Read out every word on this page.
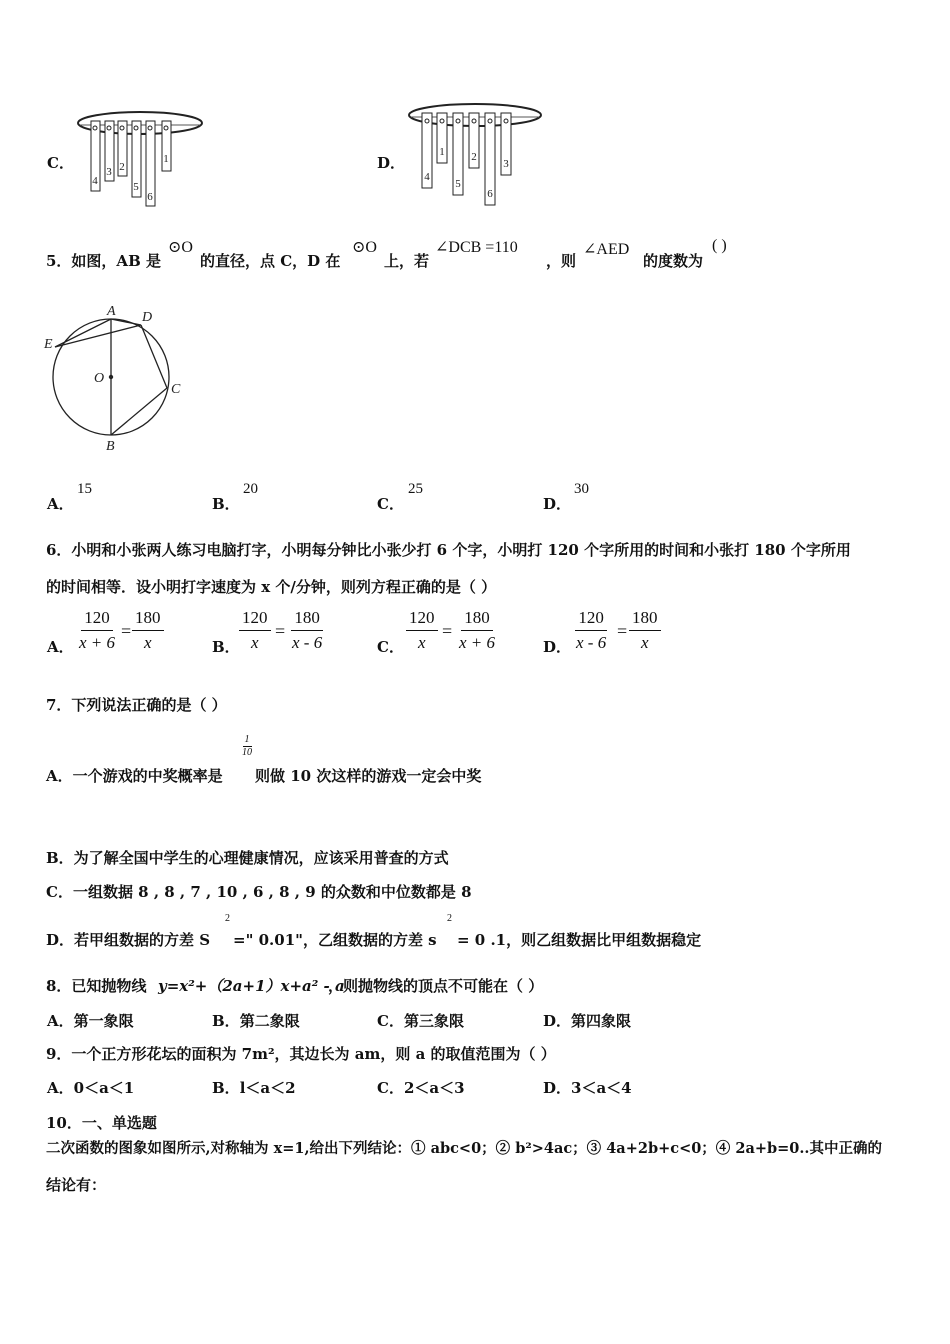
C．
4
3 2
5
6
1	D．
4
1
5
2
6
3
5．如图，AB 是
⊙O
的直径，点 C，D 在
⊙O
上，若
∠DCB =110
，则
∠AED
的度数为
( )
A D
E
O
C
B
A．
15
B．
20
C．
25
D．
30
6．小明和小张两人练习电脑打字，小明每分钟比小张少打 6 个字，小明打 120 个字所用的时间和小张打 180 个字所用
的时间相等．设小明打字速度为 x 个/分钟，则列方程正确的是（ ）
A． $\frac{120}{x + 6} = \frac{180}{x}$	B． $\frac{120}{x} = \frac{180}{x - 6}$	C． $\frac{120}{x} = \frac{180}{x + 6}$	D． $\frac{120}{x - 6} = \frac{180}{x}$
7．下列说法正确的是（ ）
1
10
A．一个游戏的中奖概率是 则做 10 次这样的游戏一定会中奖
B．为了解全国中学生的心理健康情况，应该采用普查的方式
C．一组数据 8 , 8 , 7 , 10 , 6 , 8 , 9 的众数和中位数都是 8
D．若甲组数据的方差 S
2
=" 0.01"，乙组数据的方差 s
2
= 0 .1，则乙组数据比甲组数据稳定
8．已知抛物线 y=x²+（2a+1）x+a² - a
，则抛物线的顶点不可能在（ ）
A．第一象限	B．第二象限	C．第三象限	D．第四象限
9．一个正方形花坛的面积为 7m²，其边长为 am，则 a 的取值范围为（ ）
A．0＜a＜1	B．l＜a＜2	C．2＜a＜3	D．3＜a＜4
10．一、单选题
二次函数的图象如图所示,对称轴为 x=1,给出下列结论：① abc<0；② b²>4ac；③ 4a+2b+c<0；④ 2a+b=0..其中正确的
结论有：
